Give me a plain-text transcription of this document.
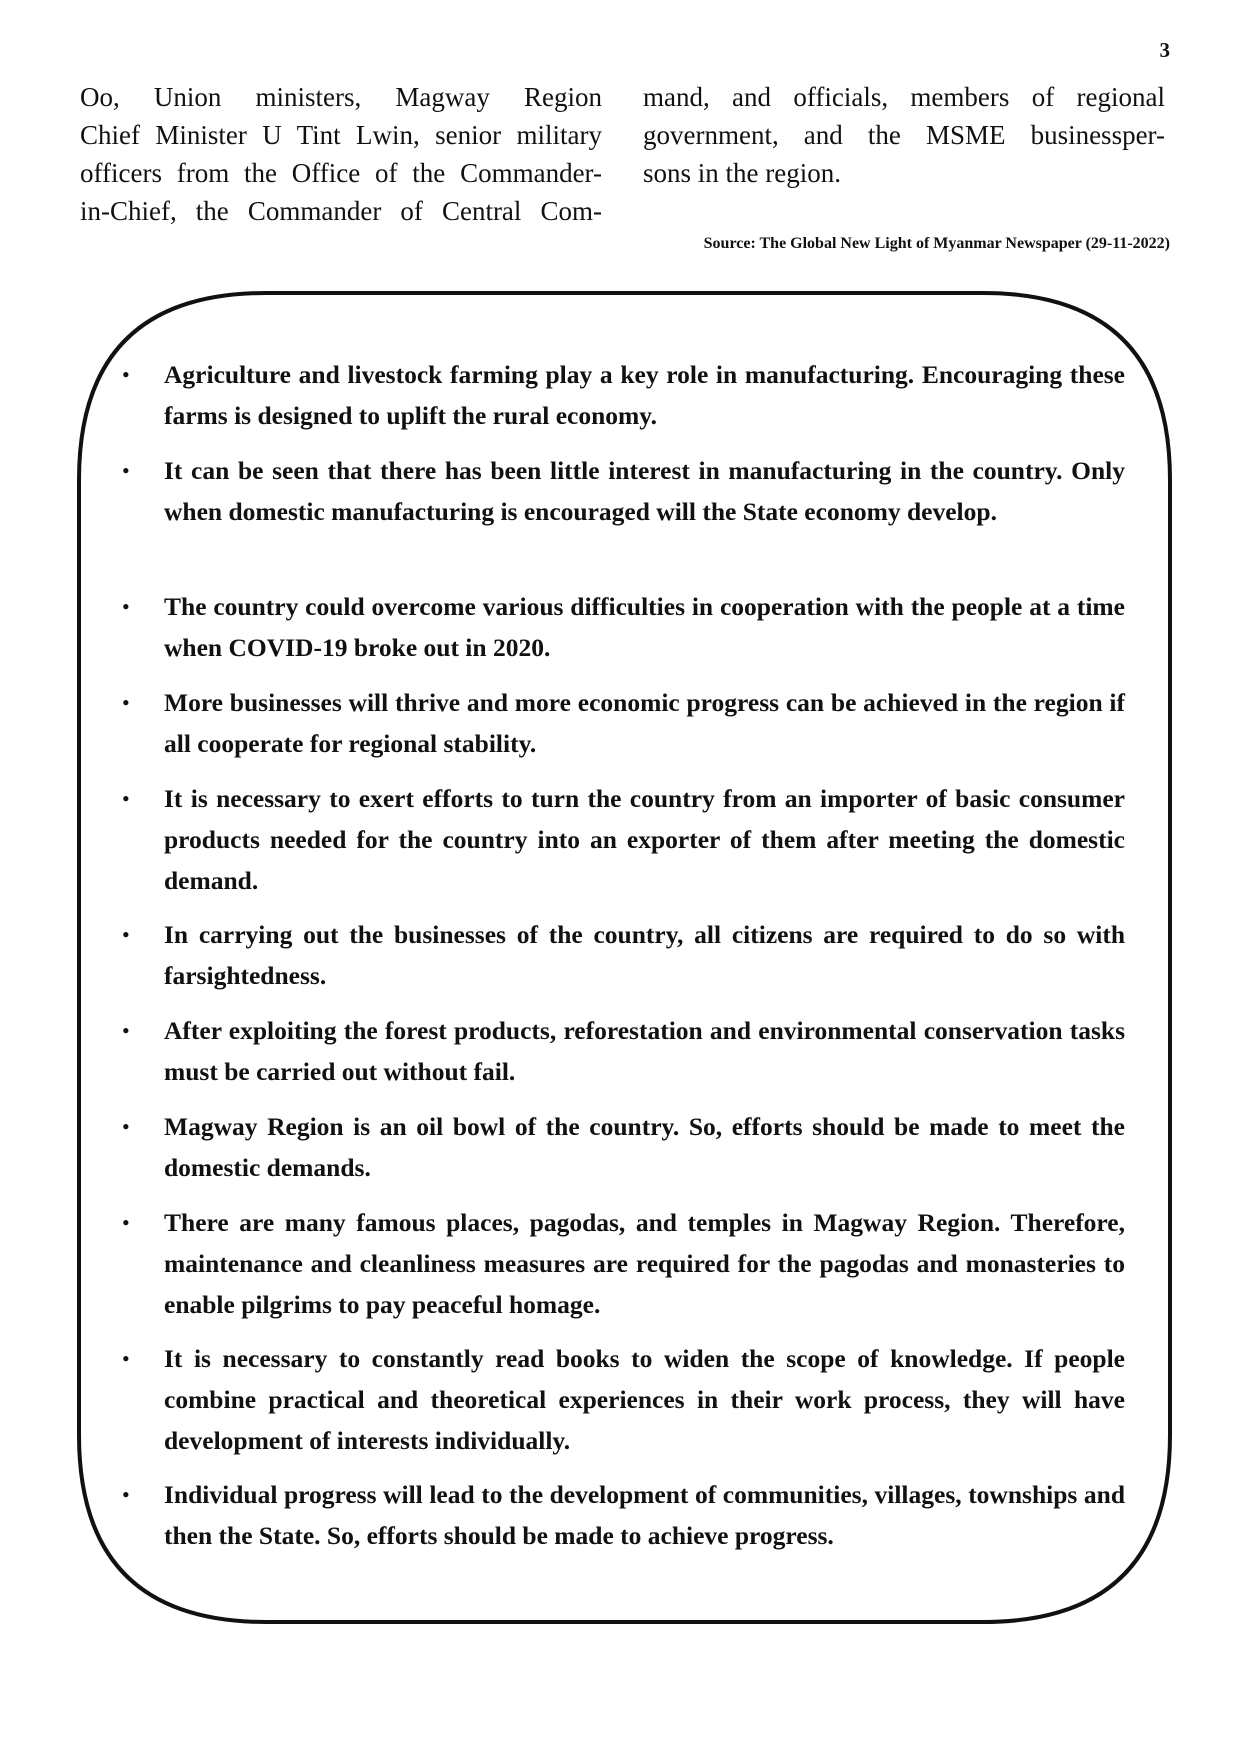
3

Oo, Union ministers, Magway Region

Chief Minister U Tint Lwin, senior military

officers from the Office of the Commander-

in-Chief, the Commander of Central Com-

mand, and officials, members of regional

government, and the MSME businessper-

sons in the region.

Source: The Global New Light of Myanmar Newspaper (29-11-2022)
• Agriculture and livestock farming play a key role in manufacturing. Encouraging these farms is designed to uplift the rural economy.
• It can be seen that there has been little interest in manufacturing in the country. Only when domestic manufacturing is encouraged will the State economy develop.
• The country could overcome various difficulties in cooperation with the people at a time when COVID-19 broke out in 2020.
• More businesses will thrive and more economic progress can be achieved in the region if all cooperate for regional stability.
• It is necessary to exert efforts to turn the country from an importer of basic consumer products needed for the country into an exporter of them after meeting the domestic demand.
• In carrying out the businesses of the country, all citizens are required to do so with farsightedness.
• After exploiting the forest products, reforestation and environmental conservation tasks must be carried out without fail.
• Magway Region is an oil bowl of the country. So, efforts should be made to meet the domestic demands.
• There are many famous places, pagodas, and temples in Magway Region. Therefore, maintenance and cleanliness measures are required for the pagodas and monasteries to enable pilgrims to pay peaceful homage.
• It is necessary to constantly read books to widen the scope of knowledge. If people combine practical and theoretical experiences in their work process, they will have development of interests individually.
• Individual progress will lead to the development of communities, villages, townships and then the State. So, efforts should be made to achieve progress.
